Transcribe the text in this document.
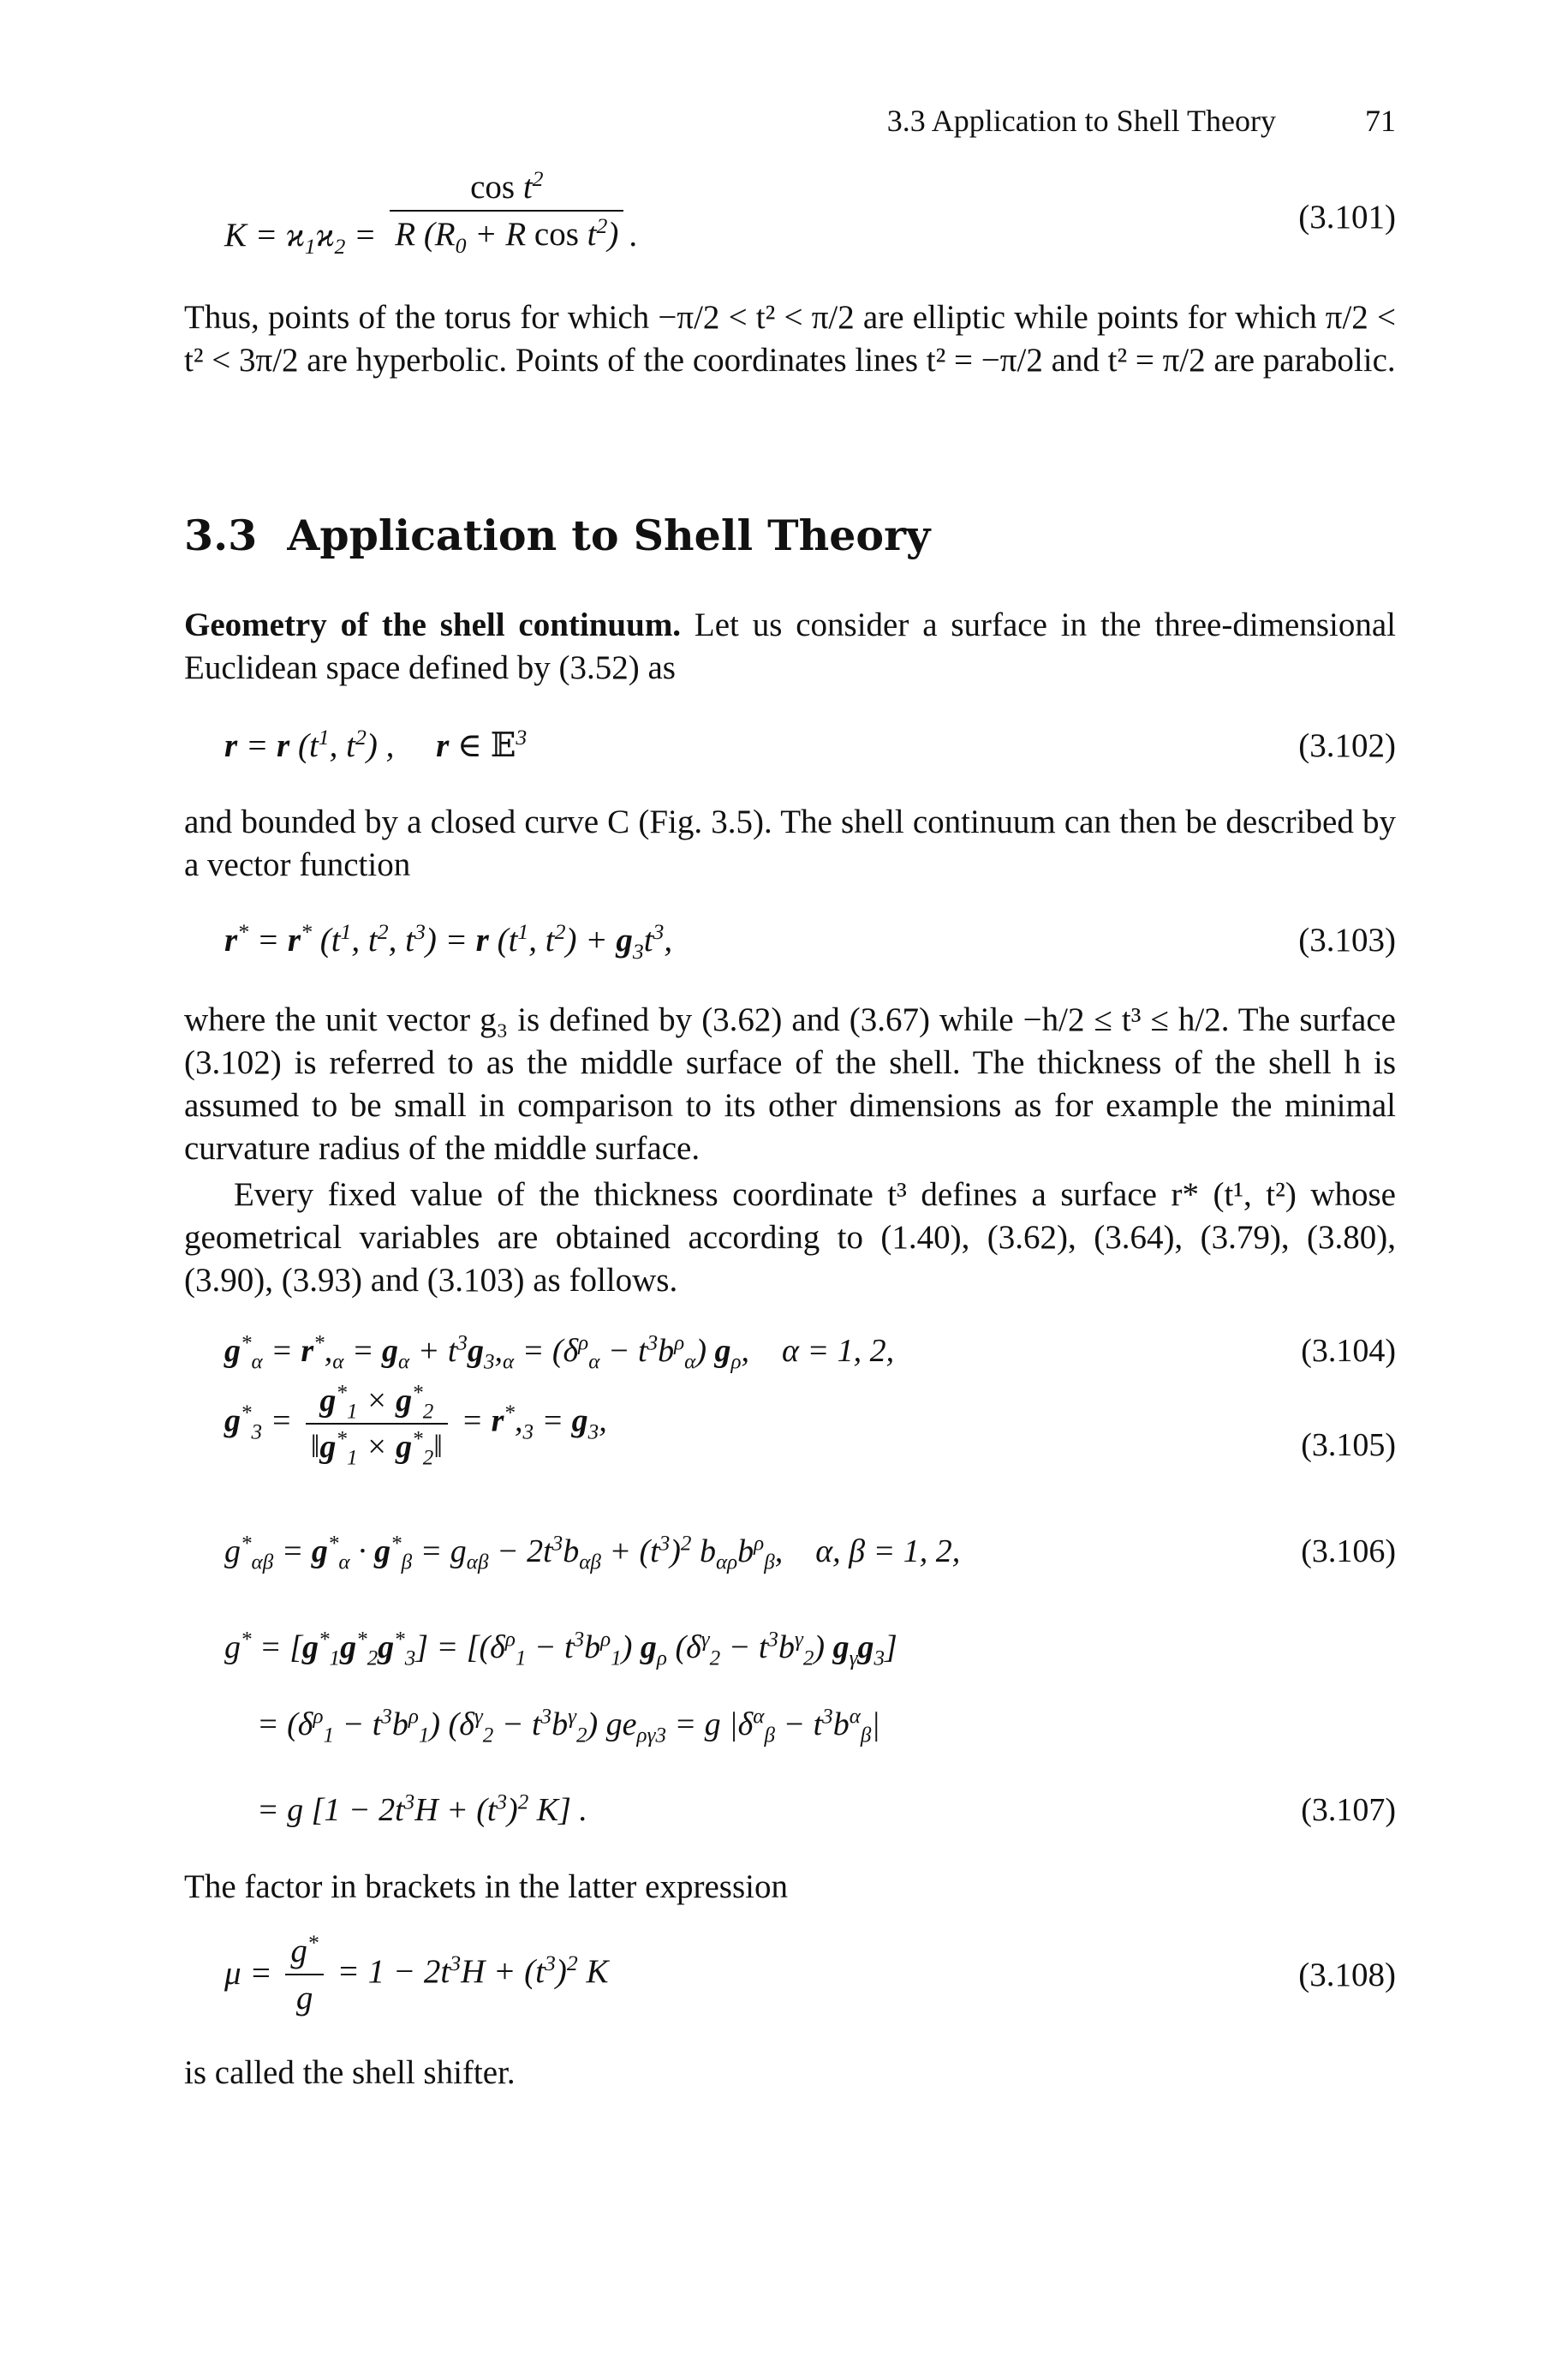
3.3 Application to Shell Theory	71
$K = ϰ_1ϰ_2 = \frac{\cos t^2}{R (R_0 + R \cos t^2)}$ .	(3.101)

Thus, points of the torus for which −π/2 < t² < π/2 are elliptic while points for which π/2 < t² < 3π/2 are hyperbolic. Points of the coordinates lines t² = −π/2 and t² = π/2 are parabolic.

3.3 Application to Shell Theory

Geometry of the shell continuum. Let us consider a surface in the three-dimensional Euclidean space defined by (3.52) as

r = r ($t^1$, $t^2$) ,     r ∈ 𝔼$^3$	(3.102)

and bounded by a closed curve C (Fig. 3.5). The shell continuum can then be described by a vector function

r* = r* ($t^1$, $t^2$, $t^3) = r$ ($t^1$, $t^2) + g_3t^3$,	(3.103)

where the unit vector g₃ is defined by (3.62) and (3.67) while −h/2 ≤ t³ ≤ h/2. The surface (3.102) is referred to as the middle surface of the shell. The thickness of the shell h is assumed to be small in comparison to its other dimensions as for example the minimal curvature radius of the middle surface.

Every fixed value of the thickness coordinate t³ defines a surface r* (t¹, t²) whose geometrical variables are obtained according to (1.40), (3.62), (3.64), (3.79), (3.80), (3.90), (3.93) and (3.103) as follows.

$g^*_\alpha = r^*,_\alpha = g_\alpha + t^3g_3,_\alpha = (\delta^\rho_\alpha - t^3b^\rho_\alpha)$ $g_\rho$,    α = 1, 2,	(3.104)
$g^*_3 = \frac{g^*_1 \times g^*_2}{‖g^*_1 \times g^*_2‖} = r^*,_3 = g_3$,
(3.105)
$g^*_{\alpha\beta} = g^*_\alpha \cdot g^*_\beta = g_{\alpha\beta} - 2t^3b_{\alpha\beta} + (t^3)^2$ $b_{\alpha\rho}b^\rho_\beta$,    α, β = 1, 2,	(3.106)
$g^* = [g^*_1g^*_2g^*_3] = [(\delta^\rho_1 - t^3b^\rho_1)$ $g_\rho$ $(\delta^\gamma_2 - t^3b^\gamma_2)$ $g_\gamma g_3$]
= $(\delta^\rho_1 - t^3b^\rho_1) (\delta^\gamma_2 - t^3b^\gamma_2) ge_{\rho\gamma 3} = g$ $|\delta^\alpha_\beta - t^3b^\alpha_\beta|$
= g [$1 - 2t^3H + (t^3)^2$ K] .	(3.107)

The factor in brackets in the latter expression

$\mu = \frac{g^*}{g} = 1 - 2t^3H + (t^3)^2$ K	(3.108)

is called the shell shifter.
